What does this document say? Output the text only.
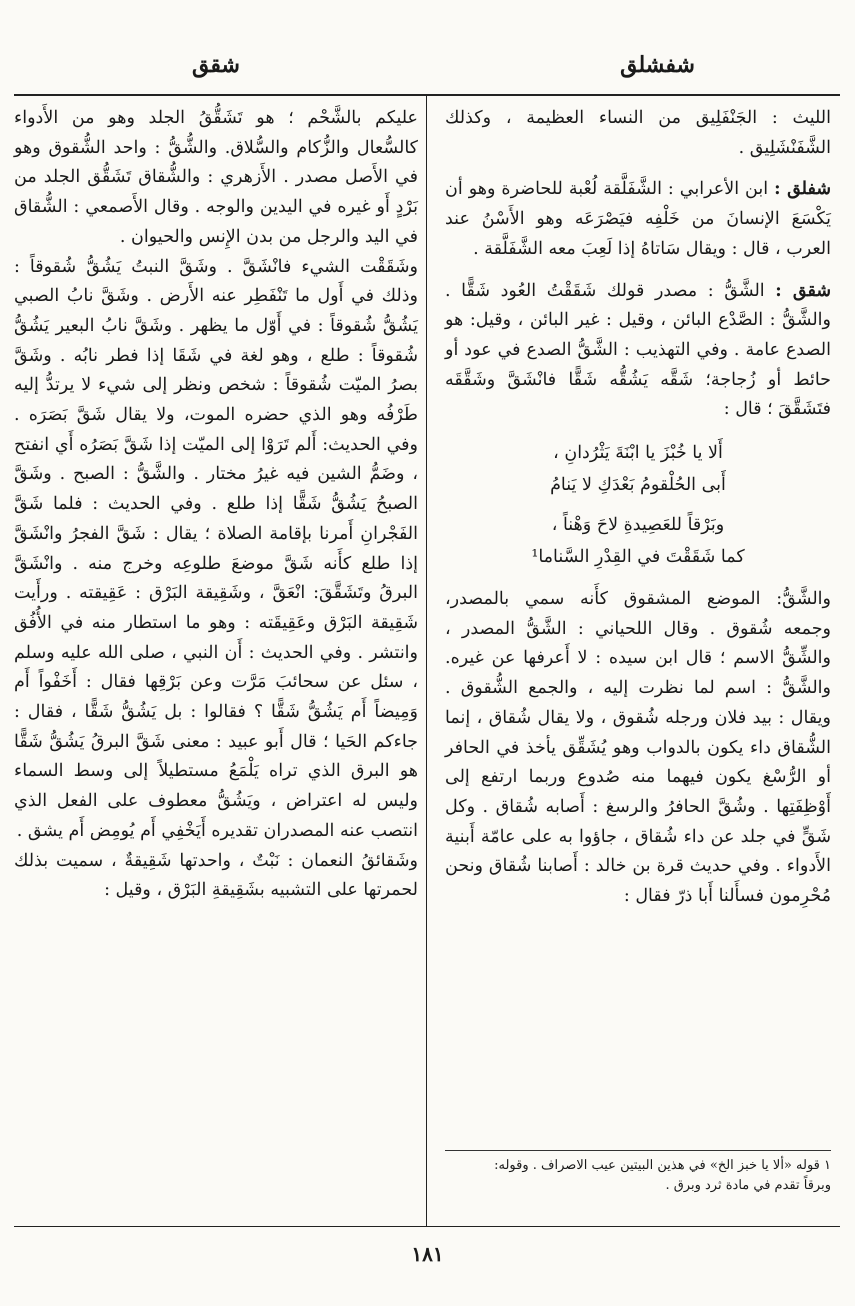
شفشلق
شقق

الليث : الجَنْفَلِيق من النساء العظيمة ، وكذلك الشَّفَنْشَلِيق .

شفلق : ابن الأعرابي : الشَّفَلَّقة لُعْبة للحاضرة وهو أن يَكْسَعَ الإنسانَ من خَلْفِه فيَصْرَعَه وهو الأَسْنُ عند العرب ، قال : ويقال سَاتاهُ إذا لَعِبَ معه الشَّفَلَّقة .

شقق : الشَّقُّ : مصدر قولك شَقَقْتُ العُود شَقًّا . والشَّقُّ : الصَّدْع البائن ، وقيل : غير البائن ، وقيل: هو الصدع عامة . وفي التهذيب : الشَّقُّ الصدع في عود أو حائط أو زُجاجة؛ شَقَّه يَشُقُّه شَقًّا فانْشَقَّ وشَقَّقَه فتَشَقَّقَ ؛ قال :

أَلا يا خُبْزَ يا ابْنَةَ يَثْرُدانِ ،

أَبى الحُلْقومُ بَعْدَكِ لا يَنامُ

وبَرْقاً للعَصِيدةِ لاحَ وَهْناً ،

كما شَقَقْتَ في القِدْرِ السَّناما¹

والشَّقُّ: الموضع المشقوق كأَنه سمي بالمصدر، وجمعه شُقوق . وقال اللحياني : الشَّقُّ المصدر ، والشِّقُّ الاسم ؛ قال ابن سيده : لا أَعرفها عن غيره. والشَّقُّ : اسم لما نظرت إليه ، والجمع الشُّقوق . ويقال : بيد فلان ورجله شُقوق ، ولا يقال شُقاق ، إنما الشُّقاق داء يكون بالدواب وهو يُشَقِّق يأخذ في الحافر أو الرُّسْغ يكون فيهما منه صُدوع وربما ارتفع إلى أَوْظِفَتِها . وشُقَّ الحافرُ والرسغ : أَصابه شُقاق . وكل شَقٍّ في جلد عن داء شُقاق ، جاؤوا به على عامّة أَبنية الأَدواء . وفي حديث قرة بن خالد : أَصابنا شُقاق ونحن مُحْرِمون فسأَلنا أَبا ذرّ فقال :

١ قوله «ألا يا خبز الخ» في هذين البيتين عيب الاصراف . وقوله:

وبرقاً تقدم في مادة ثرد وبرق .

عليكم بالشَّحْم ؛ هو تَشَقُّقُ الجلد وهو من الأَدواء كالسُّعال والزُّكام والسُّلاق. والشُّقُّ : واحد الشُّقوق وهو في الأَصل مصدر . الأَزهري : والشُّقاق تَشَقُّق الجلد من بَرْدٍ أَو غيره في اليدين والوجه . وقال الأَصمعي : الشُّقاق في اليد والرجل من بدن الإِنس والحيوان .

وشَقَقْت الشيء فانْشَقَّ . وشَقَّ النبتُ يَشُقُّ شُقوقاً : وذلك في أَول ما تَنْفَطِر عنه الأَرض . وشَقَّ نابُ الصبي يَشُقُّ شُقوقاً : في أَوّل ما يظهر . وشَقَّ نابُ البعير يَشُقُّ شُقوقاً : طلع ، وهو لغة في شَقَا إذا فطر نابُه . وشَقَّ بصرُ الميّت شُقوقاً : شخص ونظر إلى شيء لا يرتدُّ إليه طَرْفُه وهو الذي حضره الموت، ولا يقال شَقَّ بَصَرَه . وفي الحديث: أَلم تَرَوْا إلى الميّت إذا شَقَّ بَصَرُه أَي انفتح ، وضَمُّ الشين فيه غيرُ مختار . والشَّقُّ : الصبح . وشَقَّ الصبحُ يَشُقُّ شَقًّا إذا طلع . وفي الحديث : فلما شَقَّ الفَجْرانِ أَمرنا بإقامة الصلاة ؛ يقال : شَقَّ الفجرُ وانْشَقَّ إذا طلع كأَنه شَقَّ موضعَ طلوعِه وخرج منه . وانْشَقَّ البرقُ وتَشَقَّقَ: انْعَقَّ ، وشَقِيقة البَرْق : عَقِيقته . ورأَيت شَقِيقة البَرْق وعَقِيقَته : وهو ما استطار منه في الأُفُق وانتشر . وفي الحديث : أَن النبي ، صلى الله عليه وسلم ، سئل عن سحائبَ مَرَّت وعن بَرْقِها فقال : أَخَفْواً أَم وَمِيضاً أَم يَشُقُّ شَقًّا ؟ فقالوا : بل يَشُقُّ شَقًّا ، فقال : جاءكم الحَيا ؛ قال أَبو عبيد : معنى شَقَّ البرقُ يَشُقُّ شَقًّا هو البرق الذي تراه يَلْمَعُ مستطيلاً إلى وسط السماء وليس له اعتراض ، ويَشُقُّ معطوف على الفعل الذي انتصب عنه المصدران تقديره أَيَخْفِي أَم يُومِض أَم يشق .

وشَقائقُ النعمان : نَبْتٌ ، واحدتها شَقِيقةٌ ، سميت بذلك لحمرتها على التشبيه بشَقِيقةِ البَرْق ، وقيل :

١٨١
